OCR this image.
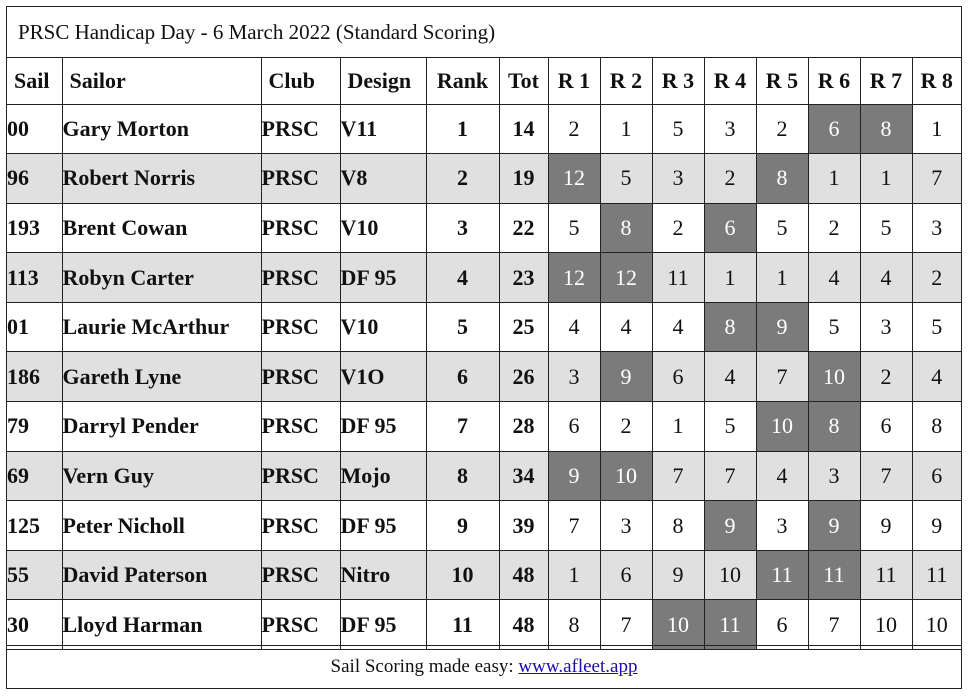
PRSC Handicap Day - 6 March 2022 (Standard Scoring)
Sail	Sailor	Club	Design	Rank	Tot	R 1	R 2	R 3	R 4	R 5	R 6	R 7	R 8
00	Gary Morton	PRSC	V11	1	14	2	1	5	3	2	6	8	1
96	Robert Norris	PRSC	V8	2	19	12	5	3	2	8	1	1	7
193	Brent Cowan	PRSC	V10	3	22	5	8	2	6	5	2	5	3
113	Robyn Carter	PRSC	DF 95	4	23	12	12	11	1	1	4	4	2
01	Laurie McArthur	PRSC	V10	5	25	4	4	4	8	9	5	3	5
186	Gareth Lyne	PRSC	V1O	6	26	3	9	6	4	7	10	2	4
79	Darryl Pender	PRSC	DF 95	7	28	6	2	1	5	10	8	6	8
69	Vern Guy	PRSC	Mojo	8	34	9	10	7	7	4	3	7	6
125	Peter Nicholl	PRSC	DF 95	9	39	7	3	8	9	3	9	9	9
55	David Paterson	PRSC	Nitro	10	48	1	6	9	10	11	11	11	11
30	Lloyd Harman	PRSC	DF 95	11	48	8	7	10	11	6	7	10	10
Sail Scoring made easy: www.afleet.app
